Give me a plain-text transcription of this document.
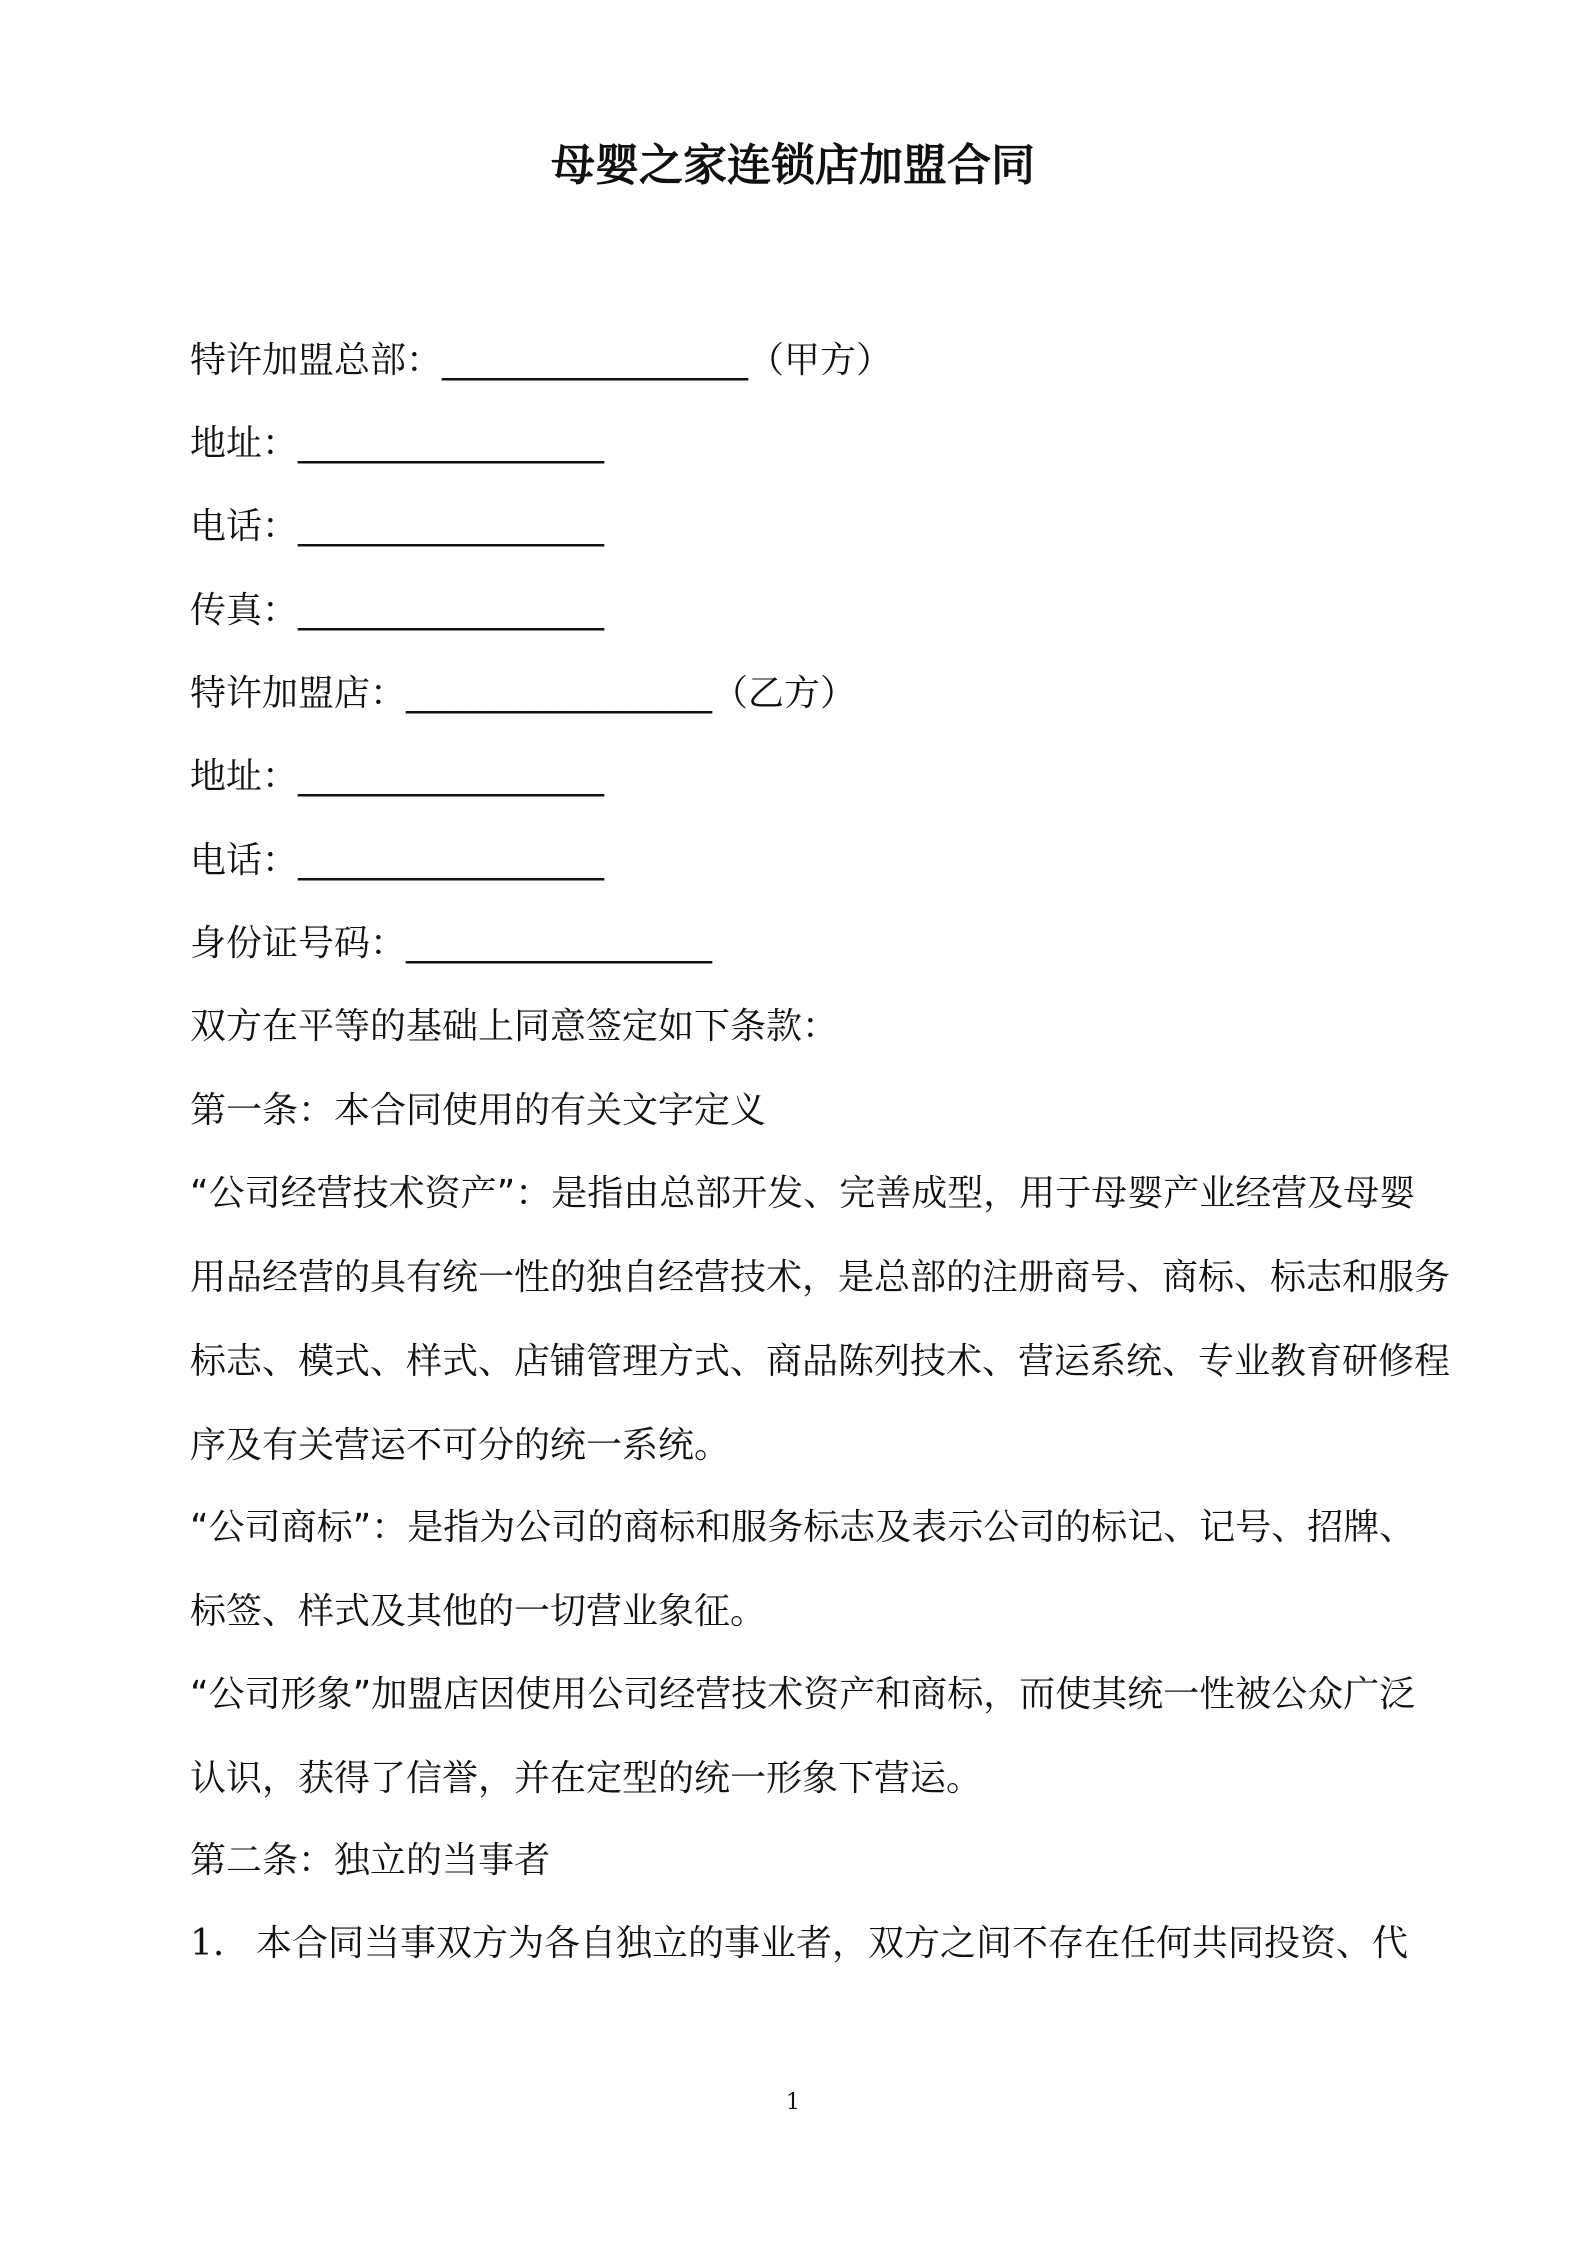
母婴之家连锁店加盟合同
特许加盟总部：_________________（甲方）
地址：_________________
电话：_________________
传真：_________________
特许加盟店：_________________（乙方）
地址：_________________
电话：_________________
身份证号码：_________________
双方在平等的基础上同意签定如下条款：
第一条：本合同使用的有关文字定义
“公司经营技术资产”：是指由总部开发、完善成型，用于母婴产业经营及母婴用品经营的具有统一性的独自经营技术，是总部的注册商号、商标、标志和服务标志、模式、样式、店铺管理方式、商品陈列技术、营运系统、专业教育研修程序及有关营运不可分的统一系统。
“公司商标”：是指为公司的商标和服务标志及表示公司的标记、记号、招牌、标签、样式及其他的一切营业象征。
“公司形象”加盟店因使用公司经营技术资产和商标，而使其统一性被公众广泛认识，获得了信誉，并在定型的统一形象下营运。
第二条：独立的当事者
1. 本合同当事双方为各自独立的事业者，双方之间不存在任何共同投资、代
1
